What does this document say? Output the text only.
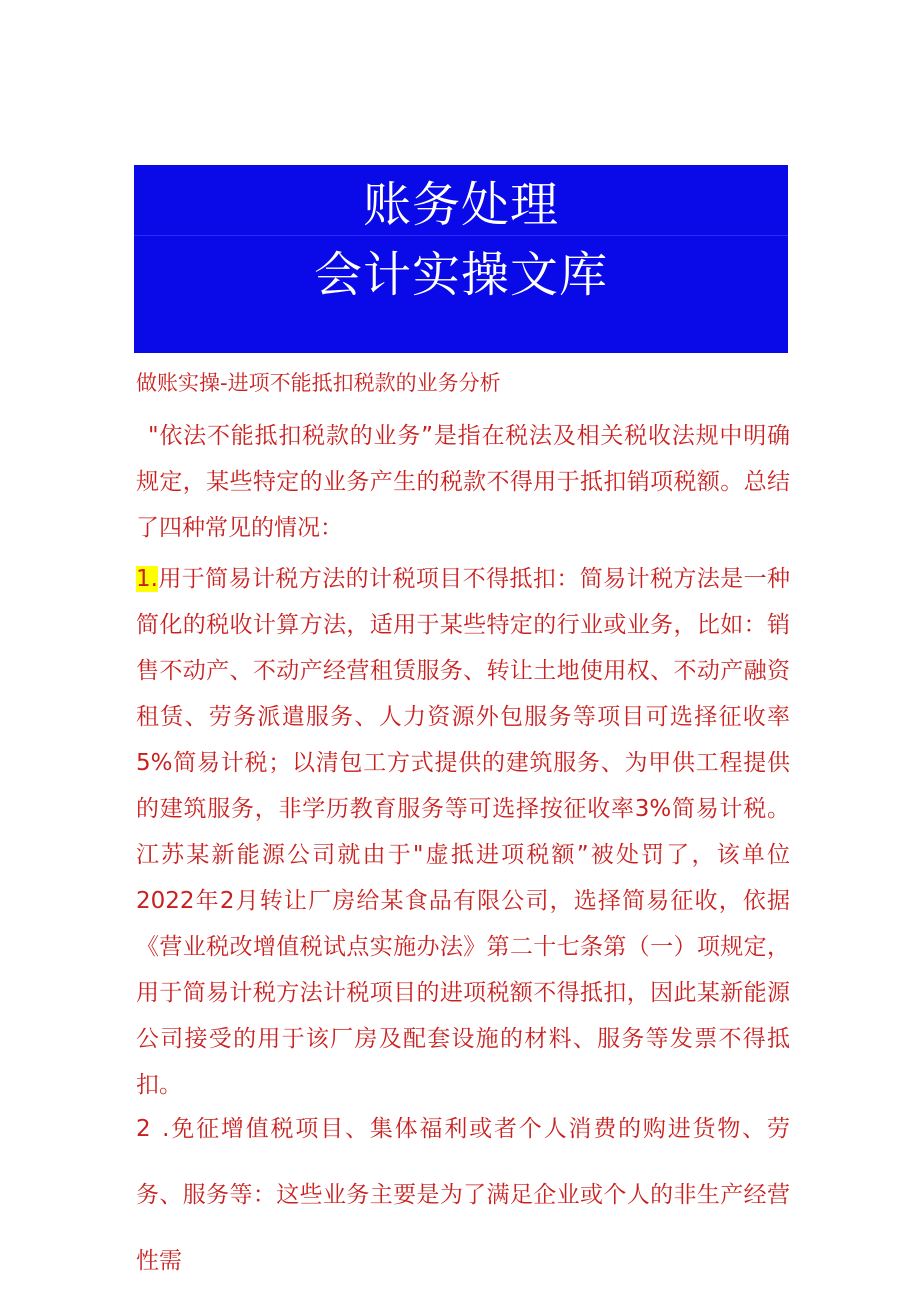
账务处理
会计实操文库
做账实操-进项不能抵扣税款的业务分析
"依法不能抵扣税款的业务”是指在税法及相关税收法规中明确规定，某些特定的业务产生的税款不得用于抵扣销项税额。总结了四种常见的情况：
1.用于简易计税方法的计税项目不得抵扣：简易计税方法是一种简化的税收计算方法，适用于某些特定的行业或业务，比如：销售不动产、不动产经营租赁服务、转让土地使用权、不动产融资租赁、劳务派遣服务、人力资源外包服务等项目可选择征收率5%简易计税；以清包工方式提供的建筑服务、为甲供工程提供的建筑服务，非学历教育服务等可选择按征收率3%简易计税。江苏某新能源公司就由于"虚抵进项税额”被处罚了，该单位2022年2月转让厂房给某食品有限公司，选择简易征收，依据《营业税改增值税试点实施办法》第二十七条第（一）项规定，用于简易计税方法计税项目的进项税额不得抵扣，因此某新能源公司接受的用于该厂房及配套设施的材料、服务等发票不得抵扣。
2  .免征增值税项目、集体福利或者个人消费的购进货物、劳务、服务等：这些业务主要是为了满足企业或个人的非生产经营性需
